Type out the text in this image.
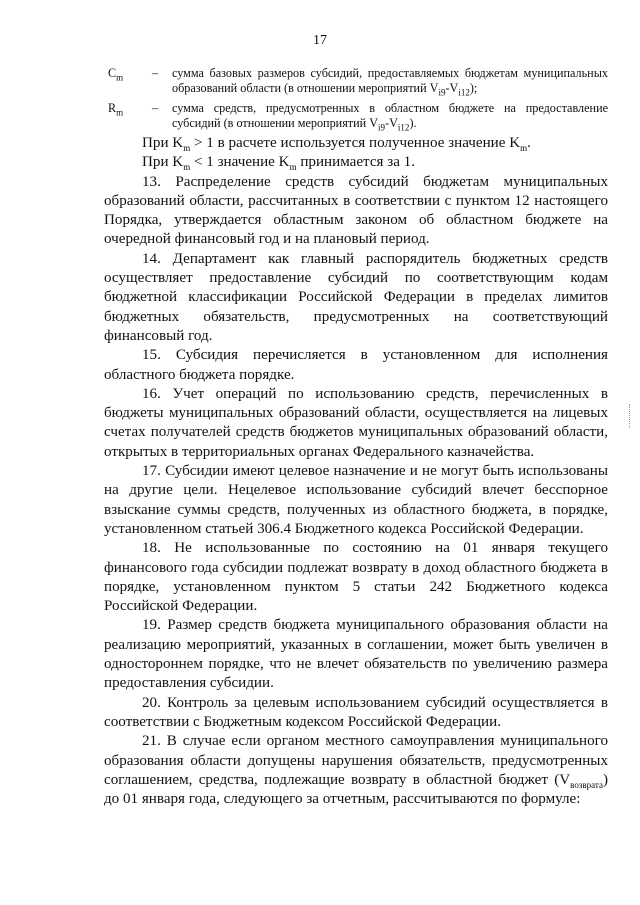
17
$C_m$ – сумма базовых размеров субсидий, предоставляемых бюджетам муниципальных образований области (в отношении мероприятий $V_{i9}-V_{i12}$);
$R_m$ – сумма средств, предусмотренных в областном бюджете на предоставление субсидий (в отношении мероприятий $V_{i9}-V_{i12}$).

При $K_m > 1$ в расчете используется полученное значение $K_m$.

При $K_m < 1$ значение $K_m$ принимается за 1.

13. Распределение средств субсидий бюджетам муниципальных образований области, рассчитанных в соответствии с пунктом 12 настоящего Порядка, утверждается областным законом об областном бюджете на очередной финансовый год и на плановый период.

14. Департамент как главный распорядитель бюджетных средств осуществляет предоставление субсидий по соответствующим кодам бюджетной классификации Российской Федерации в пределах лимитов бюджетных обязательств, предусмотренных на соответствующий финансовый год.

15. Субсидия перечисляется в установленном для исполнения областного бюджета порядке.

16. Учет операций по использованию средств, перечисленных в бюджеты муниципальных образований области, осуществляется на лицевых счетах получателей средств бюджетов муниципальных образований области, открытых в территориальных органах Федерального казначейства.

17. Субсидии имеют целевое назначение и не могут быть использованы на другие цели. Нецелевое использование субсидий влечет бесспорное взыскание суммы средств, полученных из областного бюджета, в порядке, установленном статьей 306.4 Бюджетного кодекса Российской Федерации.

18. Не использованные по состоянию на 01 января текущего финансового года субсидии подлежат возврату в доход областного бюджета в порядке, установленном пунктом 5 статьи 242 Бюджетного кодекса Российской Федерации.

19. Размер средств бюджета муниципального образования области на реализацию мероприятий, указанных в соглашении, может быть увеличен в одностороннем порядке, что не влечет обязательств по увеличению размера предоставления субсидии.

20. Контроль за целевым использованием субсидий осуществляется в соответствии с Бюджетным кодексом Российской Федерации.

21. В случае если органом местного самоуправления муниципального образования области допущены нарушения обязательств, предусмотренных соглашением, средства, подлежащие возврату в областной бюджет $(V_{возврата})$ до 01 января года, следующего за отчетным, рассчитываются по формуле:
